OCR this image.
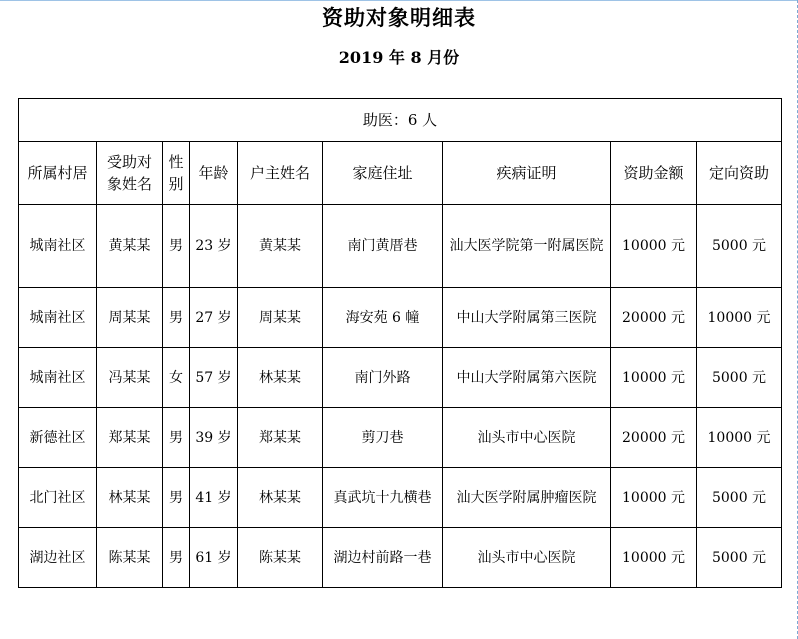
资助对象明细表
2019 年 8 月份
助医：6 人								
所属村居	受助对象姓名	性别	年龄	户主姓名	家庭住址	疾病证明	资助金额	定向资助
城南社区	黄某某	男	23 岁	黄某某	南门黄厝巷	汕大医学院第一附属医院	10000 元	5000 元
城南社区	周某某	男	27 岁	周某某	海安苑 6 幢	中山大学附属第三医院	20000 元	10000 元
城南社区	冯某某	女	57 岁	林某某	南门外路	中山大学附属第六医院	10000 元	5000 元
新德社区	郑某某	男	39 岁	郑某某	剪刀巷	汕头市中心医院	20000 元	10000 元
北门社区	林某某	男	41 岁	林某某	真武坑十九横巷	汕大医学附属肿瘤医院	10000 元	5000 元
湖边社区	陈某某	男	61 岁	陈某某	湖边村前路一巷	汕头市中心医院	10000 元	5000 元
